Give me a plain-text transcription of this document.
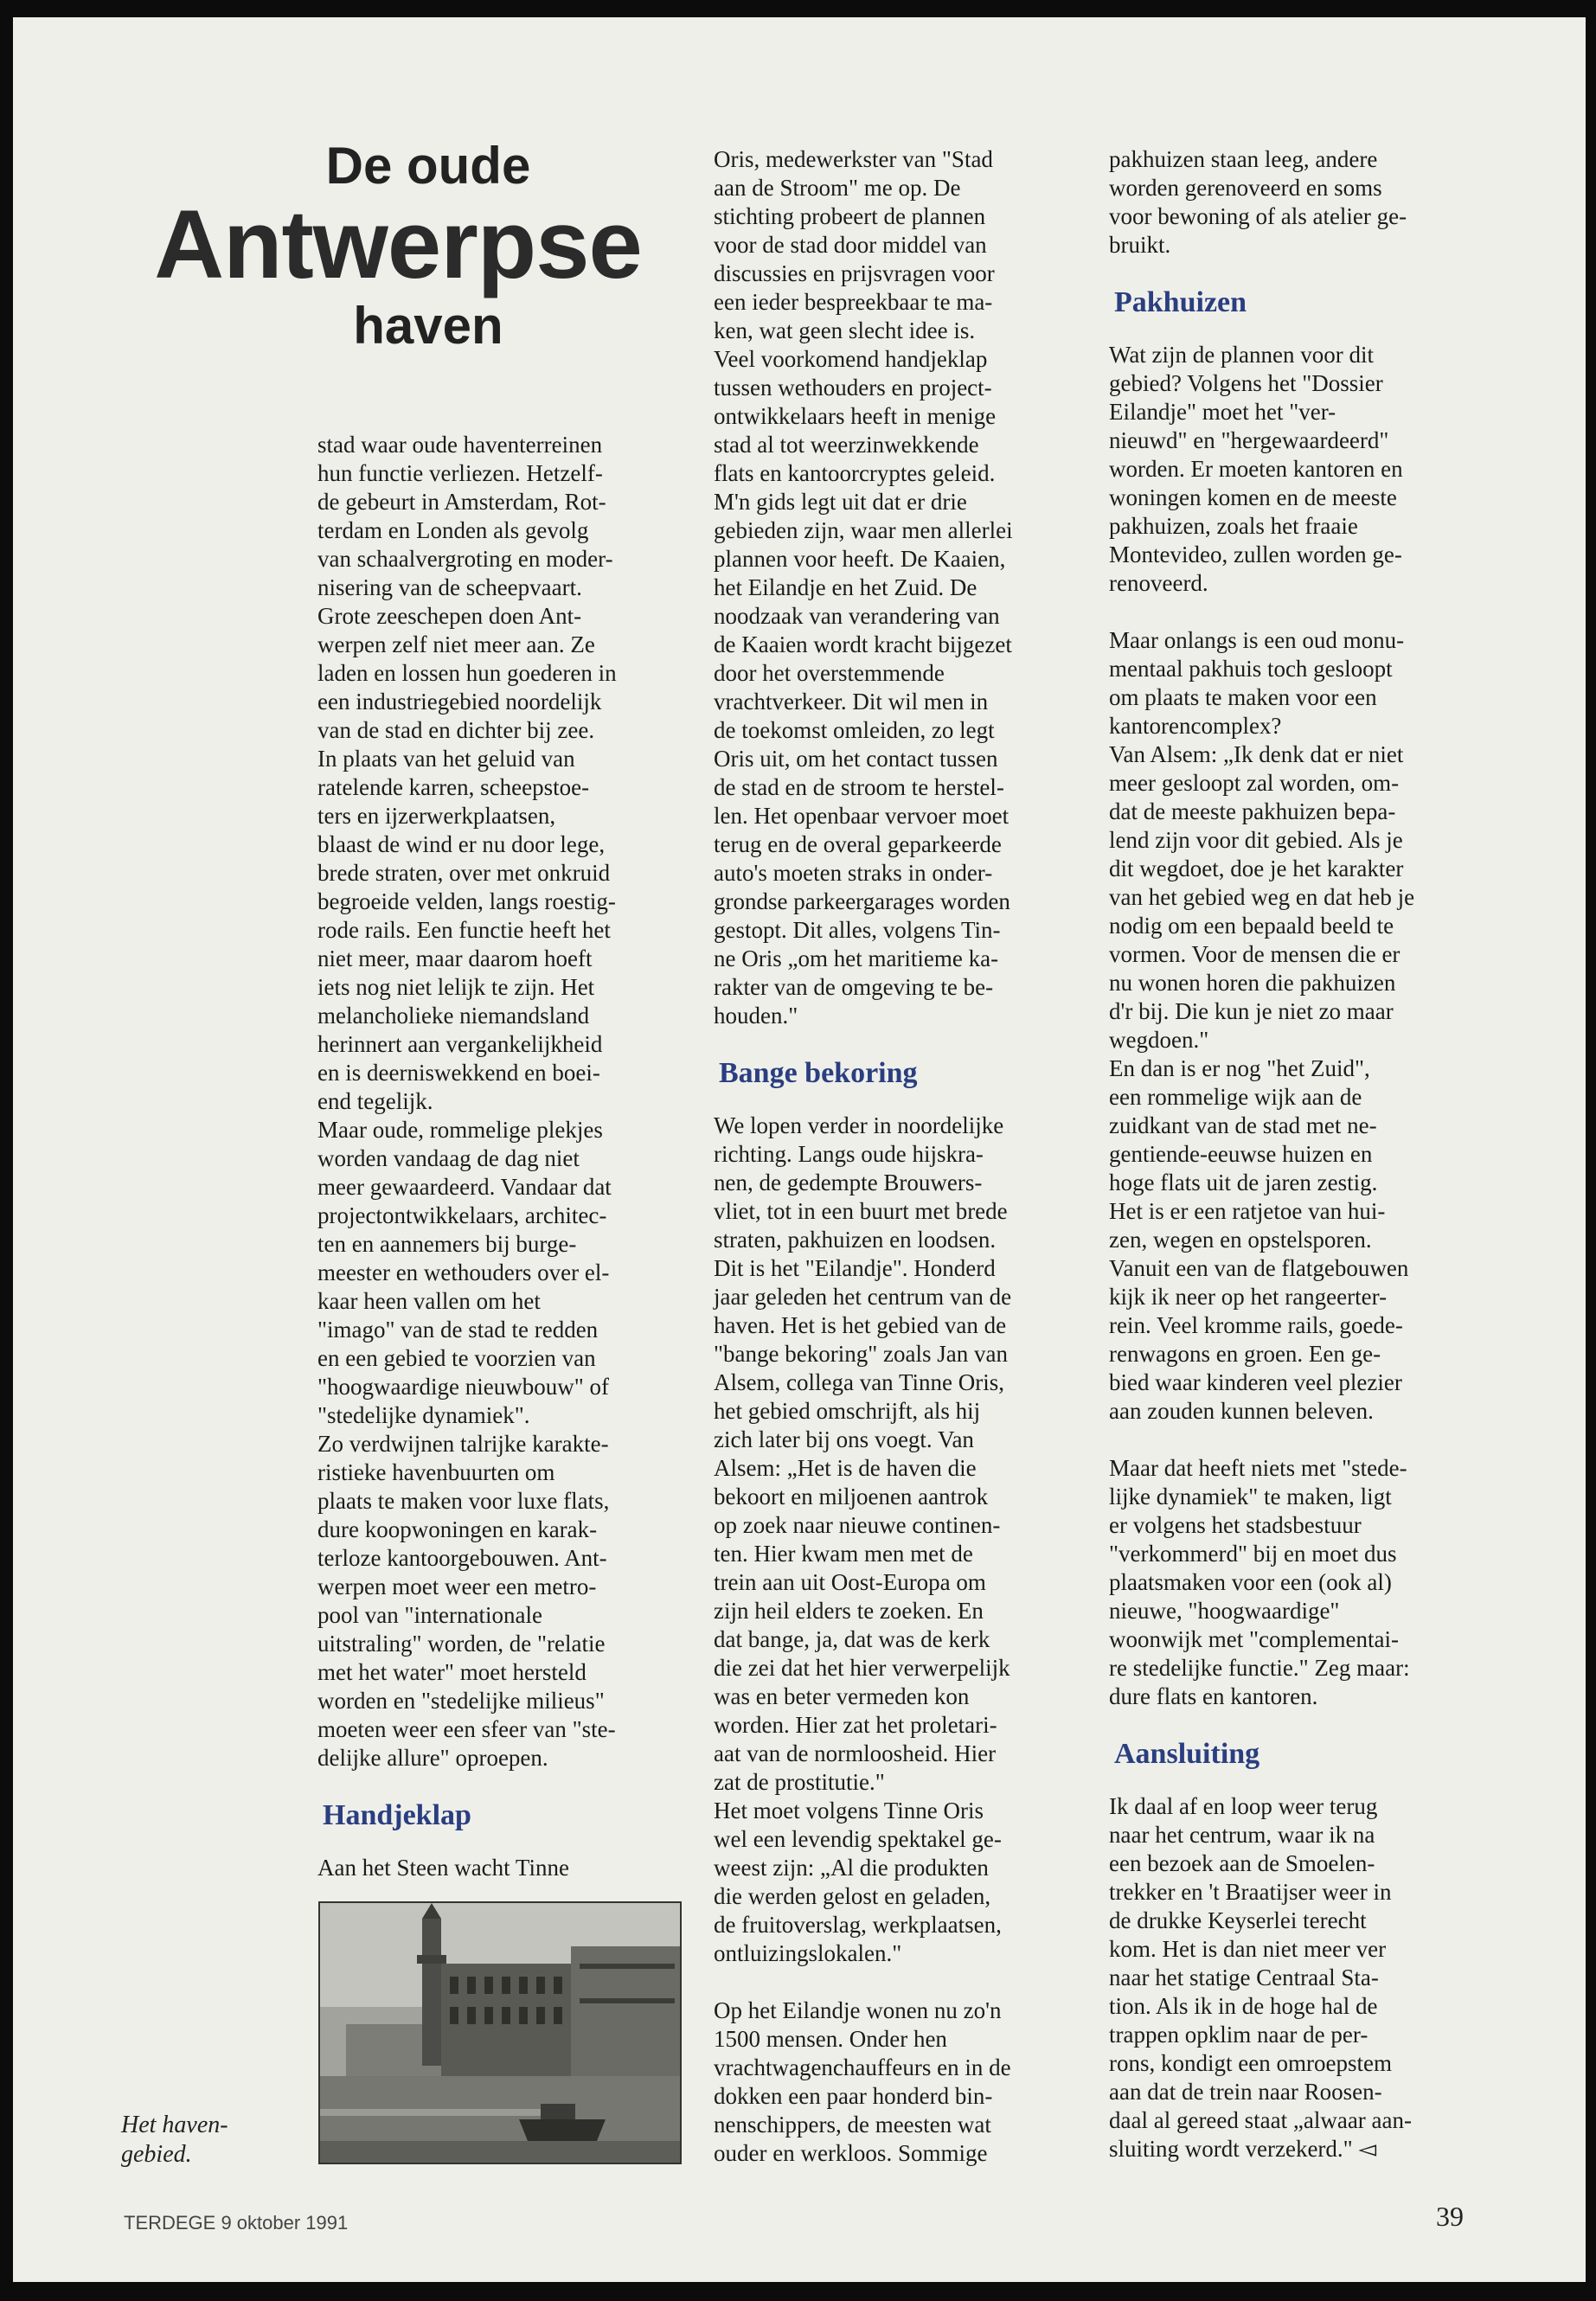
De oude
Antwerpse
haven

stad waar oude haventerreinen
hun functie verliezen. Hetzelf-
de gebeurt in Amsterdam, Rot-
terdam en Londen als gevolg
van schaalvergroting en moder-
nisering van de scheepvaart.
Grote zeeschepen doen Ant-
werpen zelf niet meer aan. Ze
laden en lossen hun goederen in
een industriegebied noordelijk
van de stad en dichter bij zee.
In plaats van het geluid van
ratelende karren, scheepstoe-
ters en ijzerwerkplaatsen,
blaast de wind er nu door lege,
brede straten, over met onkruid
begroeide velden, langs roestig-
rode rails. Een functie heeft het
niet meer, maar daarom hoeft
iets nog niet lelijk te zijn. Het
melancholieke niemandsland
herinnert aan vergankelijkheid
en is deerniswekkend en boei-
end tegelijk.
Maar oude, rommelige plekjes
worden vandaag de dag niet
meer gewaardeerd. Vandaar dat
projectontwikkelaars, architec-
ten en aannemers bij burge-
meester en wethouders over el-
kaar heen vallen om het
"imago" van de stad te redden
en een gebied te voorzien van
"hoogwaardige nieuwbouw" of
"stedelijke dynamiek".
Zo verdwijnen talrijke karakte-
ristieke havenbuurten om
plaats te maken voor luxe flats,
dure koopwoningen en karak-
terloze kantoorgebouwen. Ant-
werpen moet weer een metro-
pool van "internationale
uitstraling" worden, de "relatie
met het water" moet hersteld
worden en "stedelijke milieus"
moeten weer een sfeer van "ste-
delijke allure" oproepen.

Handjeklap

Aan het Steen wacht Tinne

Het haven-
gebied.

Oris, medewerkster van "Stad
aan de Stroom" me op. De
stichting probeert de plannen
voor de stad door middel van
discussies en prijsvragen voor
een ieder bespreekbaar te ma-
ken, wat geen slecht idee is.
Veel voorkomend handjeklap
tussen wethouders en project-
ontwikkelaars heeft in menige
stad al tot weerzinwekkende
flats en kantoorcryptes geleid.
M'n gids legt uit dat er drie
gebieden zijn, waar men allerlei
plannen voor heeft. De Kaaien,
het Eilandje en het Zuid. De
noodzaak van verandering van
de Kaaien wordt kracht bijgezet
door het overstemmende
vrachtverkeer. Dit wil men in
de toekomst omleiden, zo legt
Oris uit, om het contact tussen
de stad en de stroom te herstel-
len. Het openbaar vervoer moet
terug en de overal geparkeerde
auto's moeten straks in onder-
grondse parkeergarages worden
gestopt. Dit alles, volgens Tin-
ne Oris „om het maritieme ka-
rakter van de omgeving te be-
houden."

Bange bekoring

We lopen verder in noordelijke
richting. Langs oude hijskra-
nen, de gedempte Brouwers-
vliet, tot in een buurt met brede
straten, pakhuizen en loodsen.
Dit is het "Eilandje". Honderd
jaar geleden het centrum van de
haven. Het is het gebied van de
"bange bekoring" zoals Jan van
Alsem, collega van Tinne Oris,
het gebied omschrijft, als hij
zich later bij ons voegt. Van
Alsem: „Het is de haven die
bekoort en miljoenen aantrok
op zoek naar nieuwe continen-
ten. Hier kwam men met de
trein aan uit Oost-Europa om
zijn heil elders te zoeken. En
dat bange, ja, dat was de kerk
die zei dat het hier verwerpelijk
was en beter vermeden kon
worden. Hier zat het proletari-
aat van de normloosheid. Hier
zat de prostitutie."
Het moet volgens Tinne Oris
wel een levendig spektakel ge-
weest zijn: „Al die produkten
die werden gelost en geladen,
de fruitoverslag, werkplaatsen,
ontluizingslokalen."

Op het Eilandje wonen nu zo'n
1500 mensen. Onder hen
vrachtwagenchauffeurs en in de
dokken een paar honderd bin-
nenschippers, de meesten wat
ouder en werkloos. Sommige

pakhuizen staan leeg, andere
worden gerenoveerd en soms
voor bewoning of als atelier ge-
bruikt.

Pakhuizen

Wat zijn de plannen voor dit
gebied? Volgens het "Dossier
Eilandje" moet het "ver-
nieuwd" en "hergewaardeerd"
worden. Er moeten kantoren en
woningen komen en de meeste
pakhuizen, zoals het fraaie
Montevideo, zullen worden ge-
renoveerd.

Maar onlangs is een oud monu-
mentaal pakhuis toch gesloopt
om plaats te maken voor een
kantorencomplex?
Van Alsem: „Ik denk dat er niet
meer gesloopt zal worden, om-
dat de meeste pakhuizen bepa-
lend zijn voor dit gebied. Als je
dit wegdoet, doe je het karakter
van het gebied weg en dat heb je
nodig om een bepaald beeld te
vormen. Voor de mensen die er
nu wonen horen die pakhuizen
d'r bij. Die kun je niet zo maar
wegdoen."
En dan is er nog "het Zuid",
een rommelige wijk aan de
zuidkant van de stad met ne-
gentiende-eeuwse huizen en
hoge flats uit de jaren zestig.
Het is er een ratjetoe van hui-
zen, wegen en opstelsporen.
Vanuit een van de flatgebouwen
kijk ik neer op het rangeerter-
rein. Veel kromme rails, goede-
renwagons en groen. Een ge-
bied waar kinderen veel plezier
aan zouden kunnen beleven.

Maar dat heeft niets met "stede-
lijke dynamiek" te maken, ligt
er volgens het stadsbestuur
"verkommerd" bij en moet dus
plaatsmaken voor een (ook al)
nieuwe, "hoogwaardige"
woonwijk met "complementai-
re stedelijke functie." Zeg maar:
dure flats en kantoren.

Aansluiting

Ik daal af en loop weer terug
naar het centrum, waar ik na
een bezoek aan de Smoelen-
trekker en 't Braatijser weer in
de drukke Keyserlei terecht
kom. Het is dan niet meer ver
naar het statige Centraal Sta-
tion. Als ik in de hoge hal de
trappen opklim naar de per-
rons, kondigt een omroepstem
aan dat de trein naar Roosen-
daal al gereed staat „alwaar aan-
sluiting wordt verzekerd." ◅

TERDEGE 9 oktober 1991	39
